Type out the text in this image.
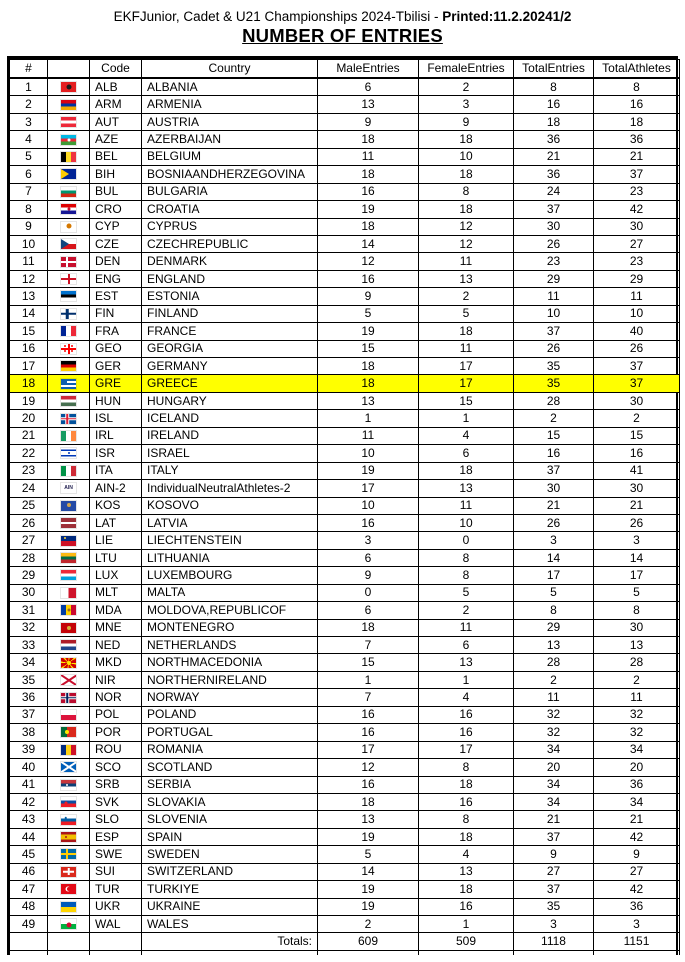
EKFJunior, Cadet & U21 Championships 2024-Tbilisi - Printed:11.2.20241/2
NUMBER OF ENTRIES
#		Code	Country	MaleEntries	FemaleEntries	TotalEntries	TotalAthletes
1		ALB	ALBANIA	6	2	8	8
2		ARM	ARMENIA	13	3	16	16
3		AUT	AUSTRIA	9	9	18	18
4		AZE	AZERBAIJAN	18	18	36	36
5		BEL	BELGIUM	11	10	21	21
6		BIH	BOSNIAANDHERZEGOVINA	18	18	36	37
7		BUL	BULGARIA	16	8	24	23
8		CRO	CROATIA	19	18	37	42
9		CYP	CYPRUS	18	12	30	30
10		CZE	CZECHREPUBLIC	14	12	26	27
11		DEN	DENMARK	12	11	23	23
12		ENG	ENGLAND	16	13	29	29
13		EST	ESTONIA	9	2	11	11
14		FIN	FINLAND	5	5	10	10
15		FRA	FRANCE	19	18	37	40
16		GEO	GEORGIA	15	11	26	26
17		GER	GERMANY	18	17	35	37
18		GRE	GREECE	18	17	35	37
19		HUN	HUNGARY	13	15	28	30
20		ISL	ICELAND	1	1	2	2
21		IRL	IRELAND	11	4	15	15
22		ISR	ISRAEL	10	6	16	16
23		ITA	ITALY	19	18	37	41
24	AIN	AIN-2	IndividualNeutralAthletes-2	17	13	30	30
25		KOS	KOSOVO	10	11	21	21
26		LAT	LATVIA	16	10	26	26
27		LIE	LIECHTENSTEIN	3	0	3	3
28		LTU	LITHUANIA	6	8	14	14
29		LUX	LUXEMBOURG	9	8	17	17
30		MLT	MALTA	0	5	5	5
31		MDA	MOLDOVA,REPUBLICOF	6	2	8	8
32		MNE	MONTENEGRO	18	11	29	30
33		NED	NETHERLANDS	7	6	13	13
34		MKD	NORTHMACEDONIA	15	13	28	28
35		NIR	NORTHERNIRELAND	1	1	2	2
36		NOR	NORWAY	7	4	11	11
37		POL	POLAND	16	16	32	32
38		POR	PORTUGAL	16	16	32	32
39		ROU	ROMANIA	17	17	34	34
40		SCO	SCOTLAND	12	8	20	20
41		SRB	SERBIA	16	18	34	36
42		SVK	SLOVAKIA	18	16	34	34
43		SLO	SLOVENIA	13	8	21	21
44		ESP	SPAIN	19	18	37	42
45		SWE	SWEDEN	5	4	9	9
46		SUI	SWITZERLAND	14	13	27	27
47		TUR	TURKIYE	19	18	37	42
48		UKR	UKRAINE	19	16	35	36
49		WAL	WALES	2	1	3	3
			Totals:	609	509	1118	1151
